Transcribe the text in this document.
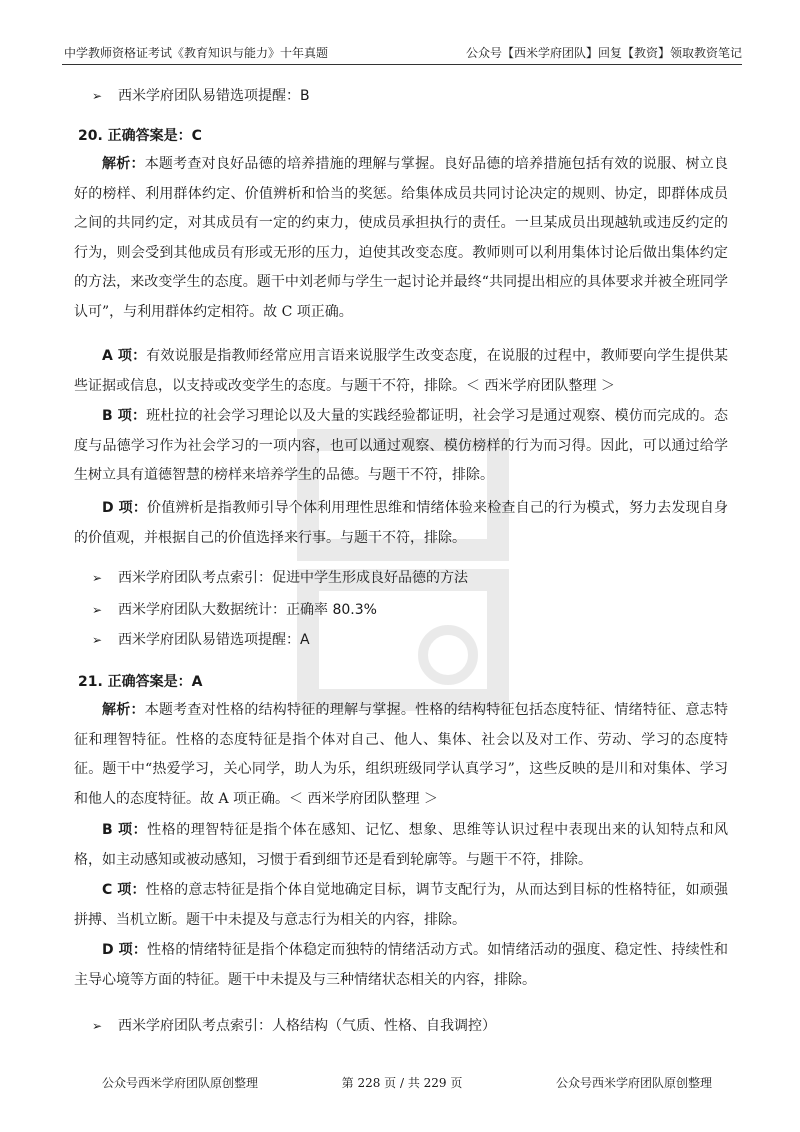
中学教师资格证考试《教育知识与能力》十年真题	公众号【西米学府团队】回复【教资】领取教资笔记
➢ 西米学府团队易错选项提醒：B
20. 正确答案是：C

解析：本题考查对良好品德的培养措施的理解与掌握。良好品德的培养措施包括有效的说服、树立良好的榜样、利用群体约定、价值辨析和恰当的奖惩。给集体成员共同讨论决定的规则、协定，即群体成员之间的共同约定，对其成员有一定的约束力，使成员承担执行的责任。一旦某成员出现越轨或违反约定的行为，则会受到其他成员有形或无形的压力，迫使其改变态度。教师则可以利用集体讨论后做出集体约定的方法，来改变学生的态度。题干中刘老师与学生一起讨论并最终“共同提出相应的具体要求并被全班同学认可”，与利用群体约定相符。故 C 项正确。

A 项：有效说服是指教师经常应用言语来说服学生改变态度，在说服的过程中，教师要向学生提供某些证据或信息，以支持或改变学生的态度。与题干不符，排除。＜ 西米学府团队整理 ＞

B 项：班杜拉的社会学习理论以及大量的实践经验都证明，社会学习是通过观察、模仿而完成的。态度与品德学习作为社会学习的一项内容，也可以通过观察、模仿榜样的行为而习得。因此，可以通过给学生树立具有道德智慧的榜样来培养学生的品德。与题干不符，排除。

D 项：价值辨析是指教师引导个体利用理性思维和情绪体验来检查自己的行为模式，努力去发现自身的价值观，并根据自己的价值选择来行事。与题干不符，排除。

➢ 西米学府团队考点索引：促进中学生形成良好品德的方法
➢ 西米学府团队大数据统计：正确率 80.3%
➢ 西米学府团队易错选项提醒：A
21. 正确答案是：A

解析：本题考查对性格的结构特征的理解与掌握。性格的结构特征包括态度特征、情绪特征、意志特征和理智特征。性格的态度特征是指个体对自己、他人、集体、社会以及对工作、劳动、学习的态度特征。题干中“热爱学习，关心同学，助人为乐，组织班级同学认真学习”，这些反映的是川和对集体、学习和他人的态度特征。故 A 项正确。＜ 西米学府团队整理 ＞

B 项：性格的理智特征是指个体在感知、记忆、想象、思维等认识过程中表现出来的认知特点和风格，如主动感知或被动感知，习惯于看到细节还是看到轮廓等。与题干不符，排除。

C 项：性格的意志特征是指个体自觉地确定目标，调节支配行为，从而达到目标的性格特征，如顽强拼搏、当机立断。题干中未提及与意志行为相关的内容，排除。

D 项：性格的情绪特征是指个体稳定而独特的情绪活动方式。如情绪活动的强度、稳定性、持续性和主导心境等方面的特征。题干中未提及与三种情绪状态相关的内容，排除。

➢ 西米学府团队考点索引：人格结构（气质、性格、自我调控）
公众号西米学府团队原创整理	第 228 页 / 共 229 页	公众号西米学府团队原创整理
